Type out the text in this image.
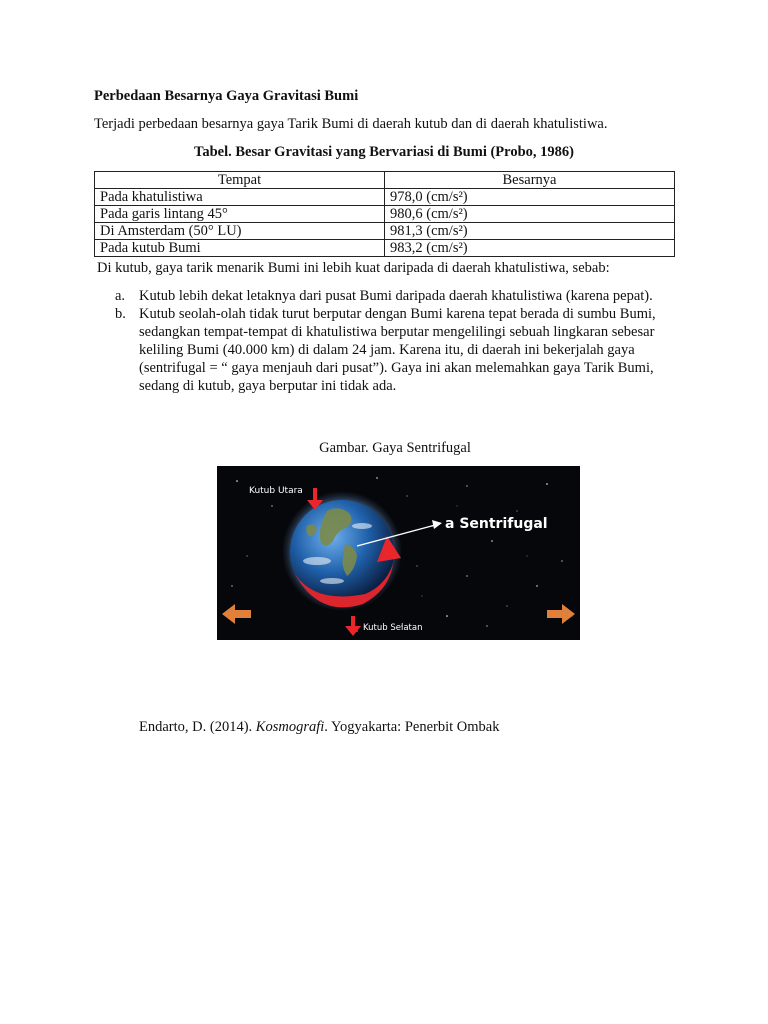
Perbedaan Besarnya Gaya Gravitasi Bumi
Terjadi perbedaan besarnya gaya Tarik Bumi di daerah kutub dan di daerah khatulistiwa.
Tabel. Besar Gravitasi yang Bervariasi di Bumi (Probo, 1986)
Tempat	Besarnya
Pada khatulistiwa	978,0 (cm/s²)
Pada garis lintang 45°	980,6 (cm/s²)
Di Amsterdam (50° LU)	981,3 (cm/s²)
Pada kutub Bumi	983,2 (cm/s²)
Di kutub, gaya tarik menarik Bumi ini lebih kuat daripada di daerah khatulistiwa, sebab:
a. Kutub lebih dekat letaknya dari pusat Bumi daripada daerah khatulistiwa (karena pepat).
b. Kutub seolah-olah tidak turut berputar dengan Bumi karena tepat berada di sumbu Bumi, sedangkan tempat-tempat di khatulistiwa berputar mengelilingi sebuah lingkaran sebesar keliling Bumi (40.000 km) di dalam 24 jam. Karena itu, di daerah ini bekerjalah gaya (sentrifugal = “ gaya menjauh dari pusat”). Gaya ini akan melemahkan gaya Tarik Bumi, sedang di kutub, gaya berputar ini tidak ada.
Gambar. Gaya Sentrifugal
Kutub Utara
Kutub Selatan
a Sentrifugal
Endarto, D. (2014). Kosmografi. Yogyakarta: Penerbit Ombak
